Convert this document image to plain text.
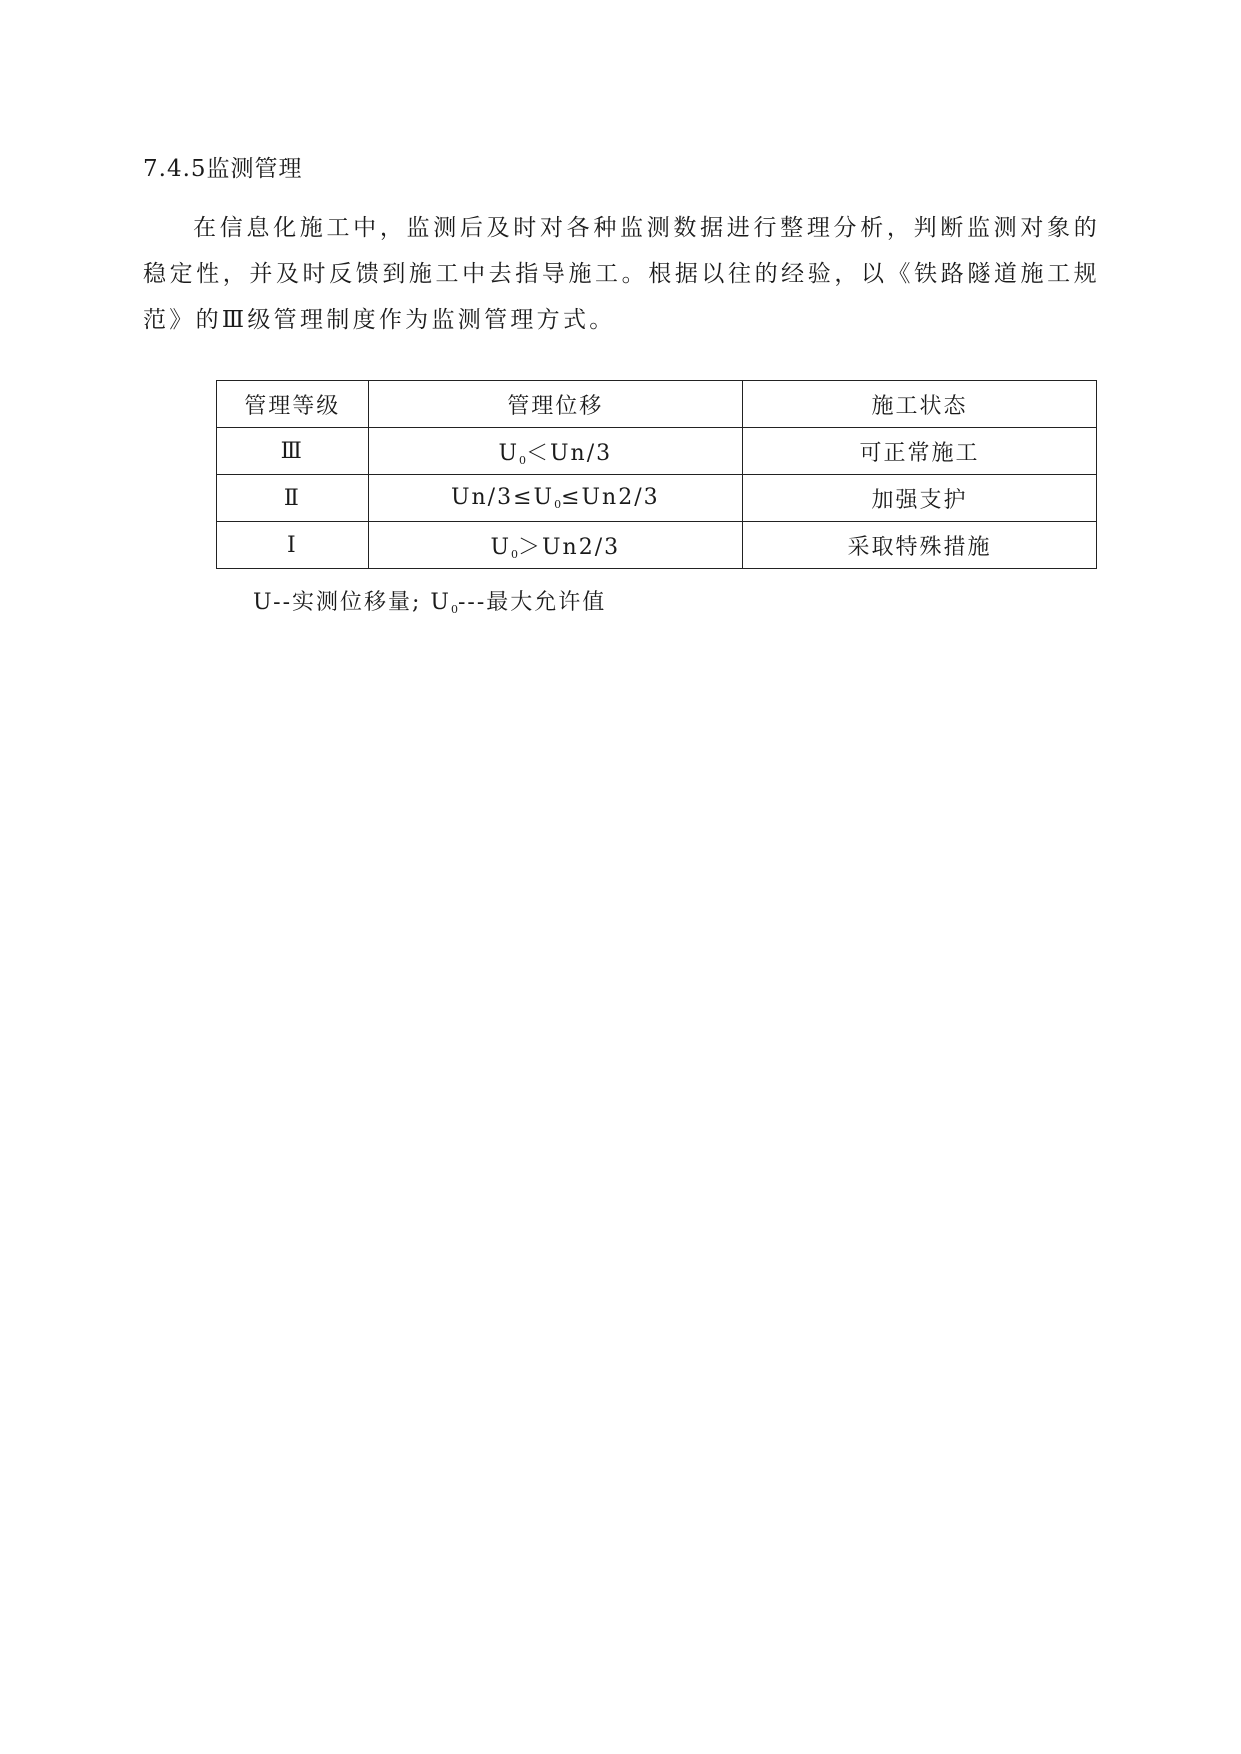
7.4.5监测管理

在信息化施工中，监测后及时对各种监测数据进行整理分析，判断监测对象的稳定性，并及时反馈到施工中去指导施工。根据以往的经验，以《铁路隧道施工规范》的Ⅲ级管理制度作为监测管理方式。

管理等级	管理位移	施工状态
Ⅲ	$U_0<Un/3$	可正常施工
Ⅱ	$Un/3\le U_0\le Un2/3$	加强支护
Ⅰ	$U_0>Un2/3$	采取特殊措施
U--实测位移量; $U_0---$最大允许值
